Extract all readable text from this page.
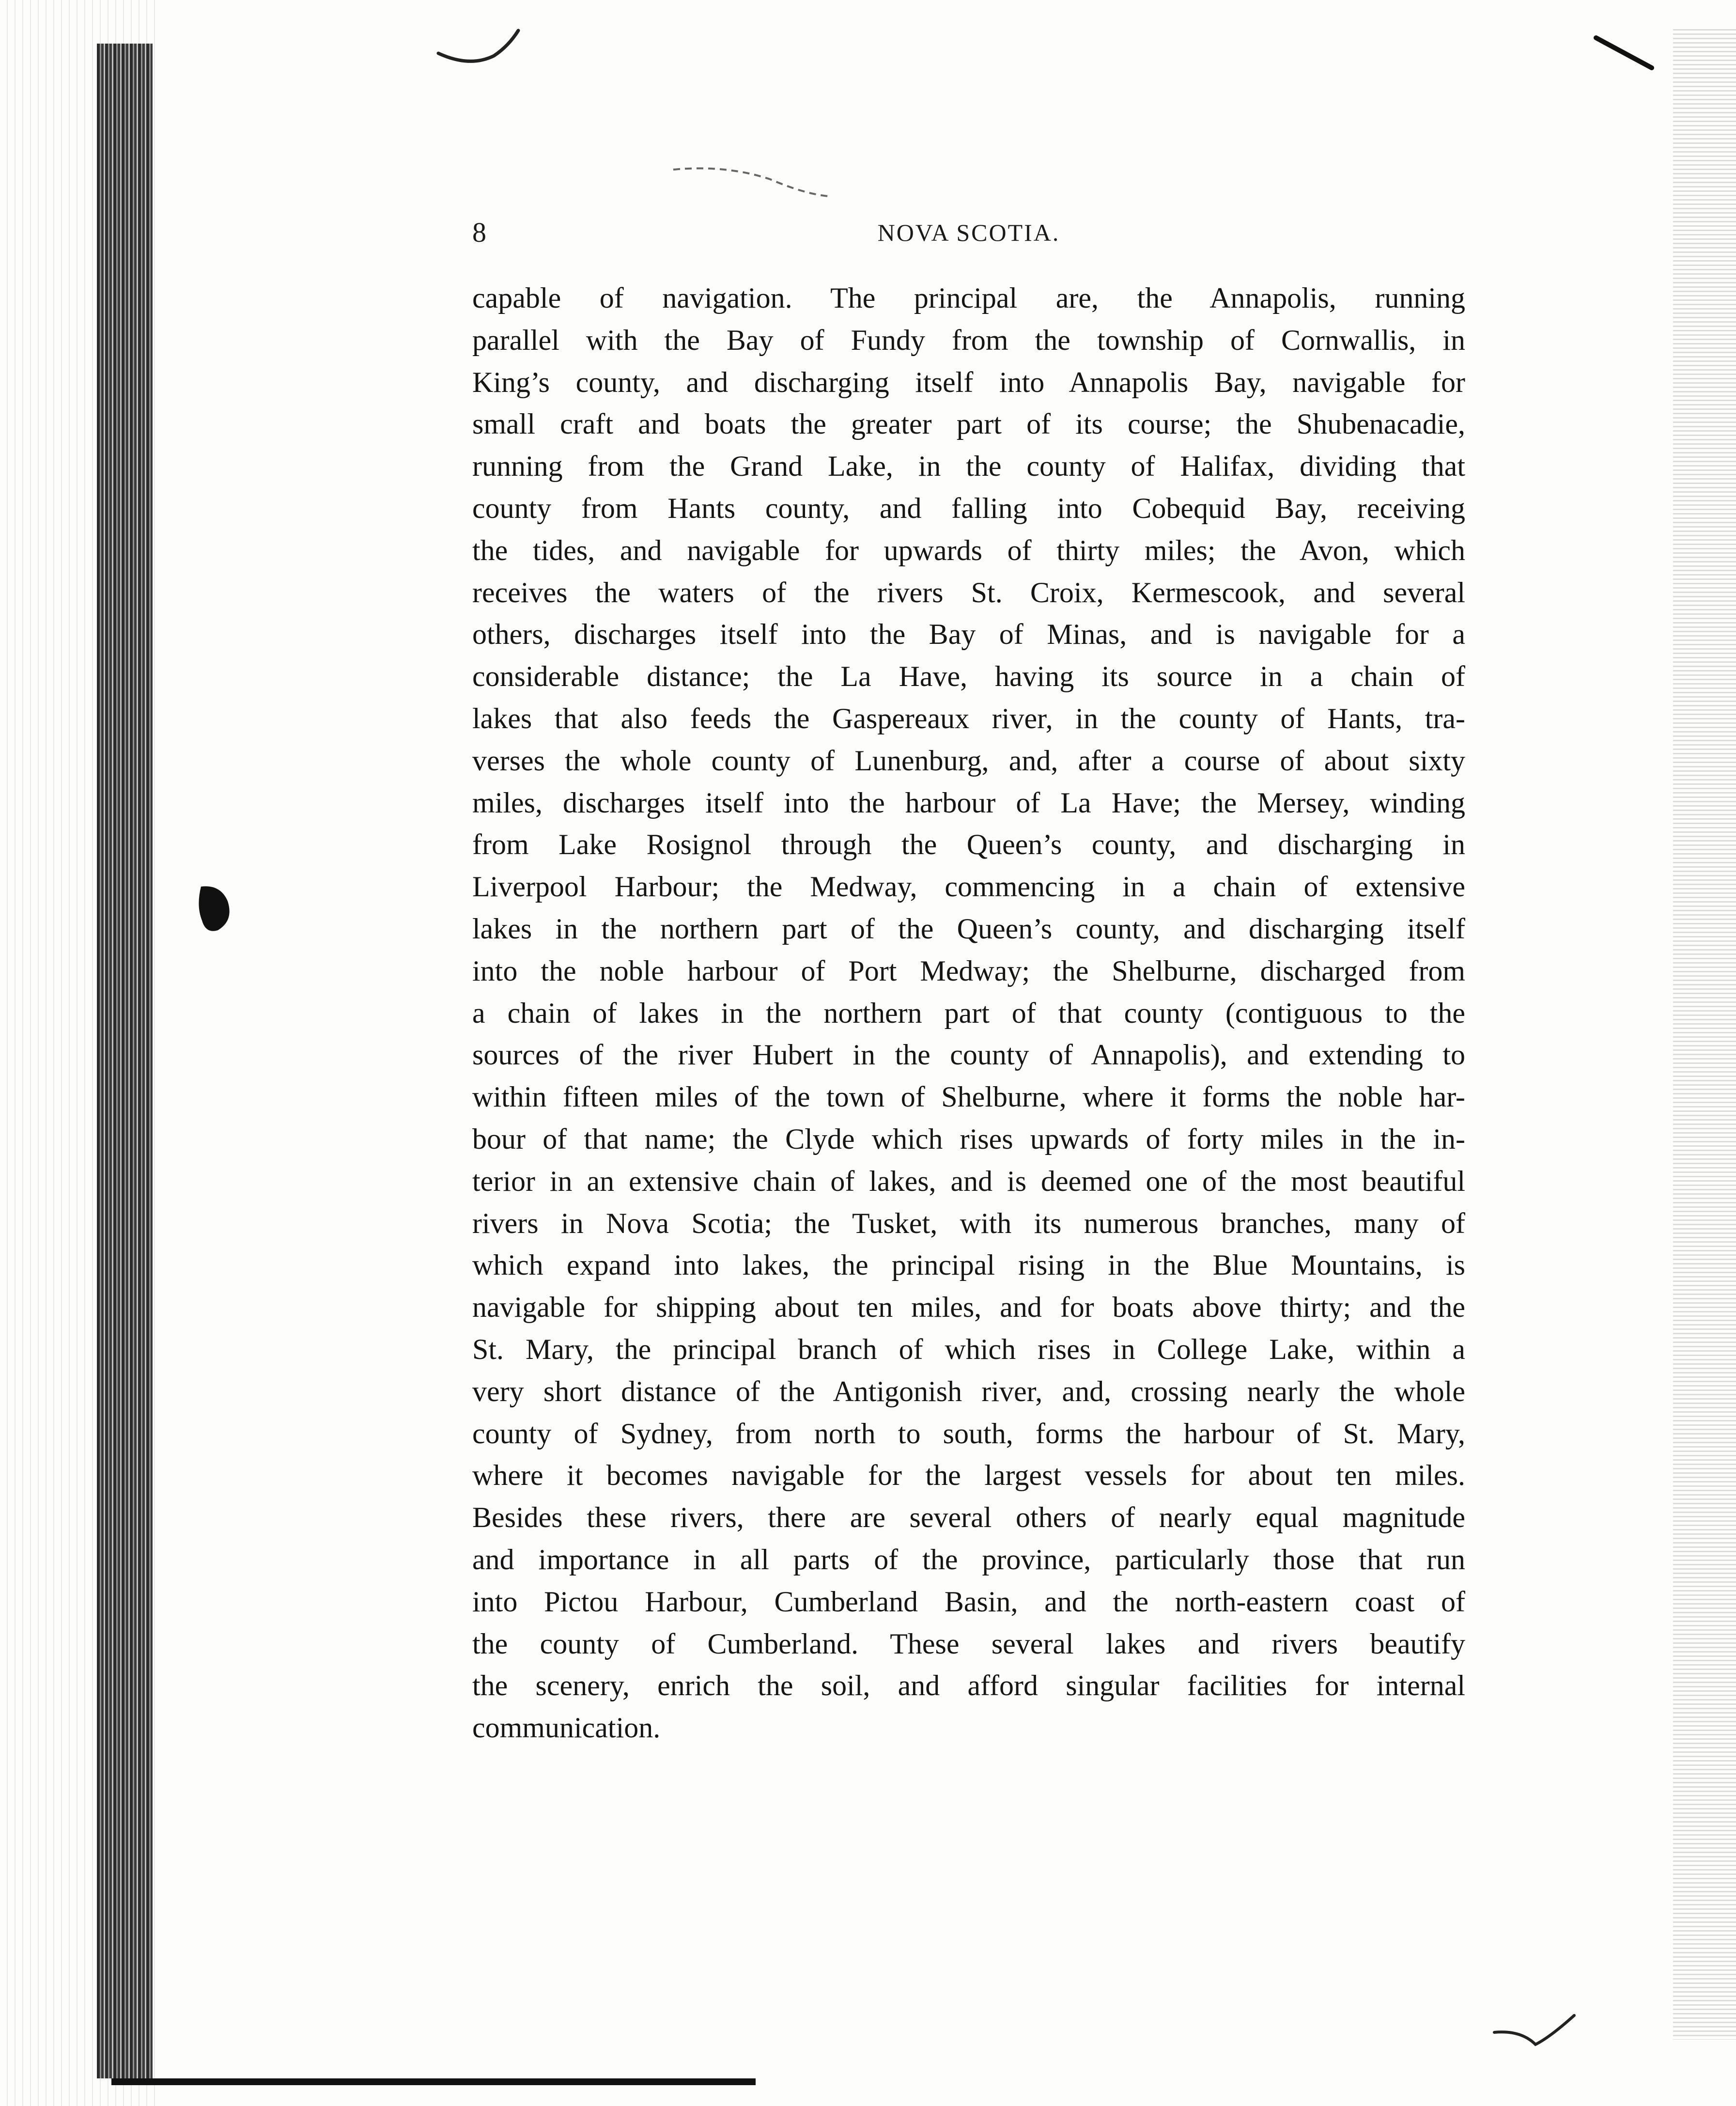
8	NOVA SCOTIA.
capable of navigation. The principal are, the Annapolis, running
parallel with the Bay of Fundy from the township of Cornwallis, in
King’s county, and discharging itself into Annapolis Bay, navigable for
small craft and boats the greater part of its course; the Shubenacadie,
running from the Grand Lake, in the county of Halifax, dividing that
county from Hants county, and falling into Cobequid Bay, receiving
the tides, and navigable for upwards of thirty miles; the Avon, which
receives the waters of the rivers St. Croix, Kermescook, and several
others, discharges itself into the Bay of Minas, and is navigable for a
considerable distance; the La Have, having its source in a chain of
lakes that also feeds the Gaspereaux river, in the county of Hants, tra-
verses the whole county of Lunenburg, and, after a course of about sixty
miles, discharges itself into the harbour of La Have; the Mersey, winding
from Lake Rosignol through the Queen’s county, and discharging in
Liverpool Harbour; the Medway, commencing in a chain of extensive
lakes in the northern part of the Queen’s county, and discharging itself
into the noble harbour of Port Medway; the Shelburne, discharged from
a chain of lakes in the northern part of that county (contiguous to the
sources of the river Hubert in the county of Annapolis), and extending to
within fifteen miles of the town of Shelburne, where it forms the noble har-
bour of that name; the Clyde which rises upwards of forty miles in the in-
terior in an extensive chain of lakes, and is deemed one of the most beautiful
rivers in Nova Scotia; the Tusket, with its numerous branches, many of
which expand into lakes, the principal rising in the Blue Mountains, is
navigable for shipping about ten miles, and for boats above thirty; and the
St. Mary, the principal branch of which rises in College Lake, within a
very short distance of the Antigonish river, and, crossing nearly the whole
county of Sydney, from north to south, forms the harbour of St. Mary,
where it becomes navigable for the largest vessels for about ten miles.
Besides these rivers, there are several others of nearly equal magnitude
and importance in all parts of the province, particularly those that run
into Pictou Harbour, Cumberland Basin, and the north-eastern coast of
the county of Cumberland. These several lakes and rivers beautify
the scenery, enrich the soil, and afford singular facilities for internal
communication.
